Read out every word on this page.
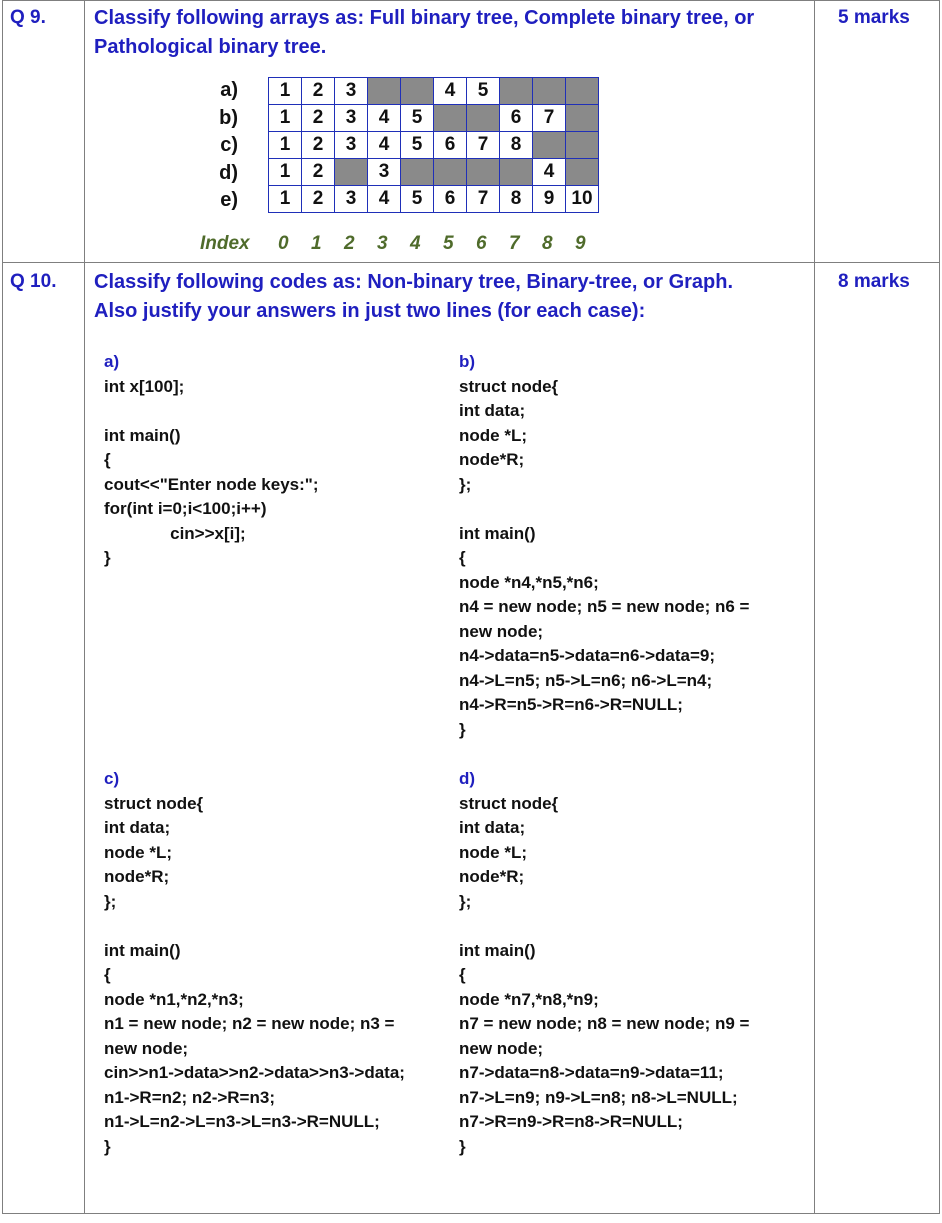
Q 9. Classify following arrays as: Full binary tree, Complete binary tree, or
Pathological binary tree.
5 marks
a)
b)
c)
d)
e)
1	2	3			4	5			
1	2	3	4	5			6	7	
1	2	3	4	5	6	7	8		
1	2		3					4	
1	2	3	4	5	6	7	8	9	10
Index 0 1 2 3 4 5 6 7 8 9
Q 10. Classify following codes as: Non-binary tree, Binary-tree, or Graph.
Also justify your answers in just two lines (for each case):
8 marks
a)
int x[100];

int main()
{
cout<<"Enter node keys:";
for(int i=0;i<100;i++)
cin>>x[i];
}
b)
struct node{
int data;
node *L;
node*R;
};

int main()
{
node *n4,*n5,*n6;
n4 = new node; n5 = new node; n6 =
new node;
n4->data=n5->data=n6->data=9;
n4->L=n5; n5->L=n6; n6->L=n4;
n4->R=n5->R=n6->R=NULL;
}
c)
struct node{
int data;
node *L;
node*R;
};

int main()
{
node *n1,*n2,*n3;
n1 = new node; n2 = new node; n3 =
new node;
cin>>n1->data>>n2->data>>n3->data;
n1->R=n2; n2->R=n3;
n1->L=n2->L=n3->L=n3->R=NULL;
}
d)
struct node{
int data;
node *L;
node*R;
};

int main()
{
node *n7,*n8,*n9;
n7 = new node; n8 = new node; n9 =
new node;
n7->data=n8->data=n9->data=11;
n7->L=n9; n9->L=n8; n8->L=NULL;
n7->R=n9->R=n8->R=NULL;
}
